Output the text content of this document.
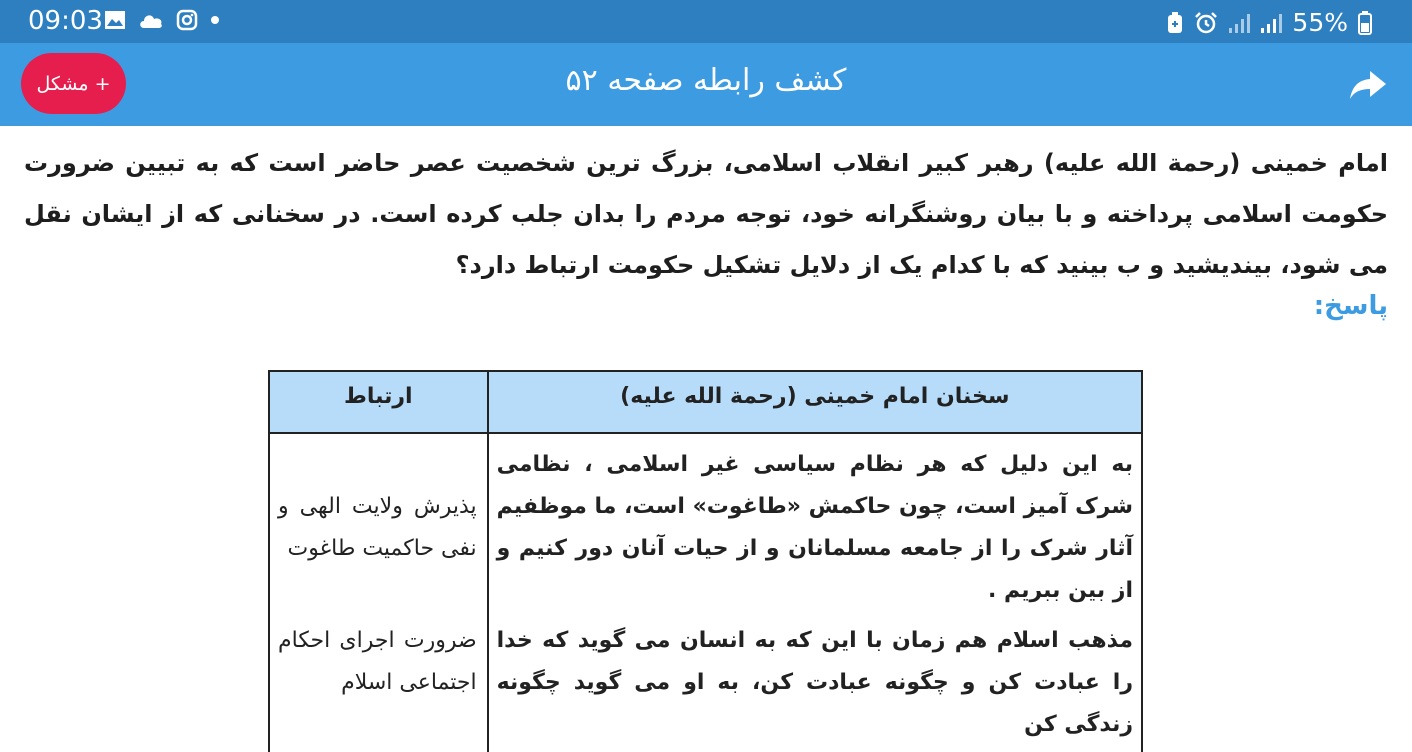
09:03	55%
+ مشکل	کشف رابطه صفحه ۵۲

امام خمینی (رحمة الله علیه) رهبر کبیر انقلاب اسلامی، بزرگ ترین شخصیت عصر حاضر است که به تبیین ضرورت حکومت اسلامی پرداخته و با بیان روشنگرانه خود، توجه مردم را بدان جلب کرده است. در سخنانی که از ایشان نقل می شود، بیندیشید و ب بینید که با کدام یک از دلایل تشکیل حکومت ارتباط دارد؟

پاسخ:
سخنان امام خمینی (رحمة الله علیه)	ارتباط
به این دلیل که هر نظام سیاسی غیر اسلامی ، نظامی شرک آمیز است، چون حاکمش «طاغوت» است، ما موظفیم آثار شرک را از جامعه مسلمانان و از حیات آنان دور کنیم و از بین ببریم .	پذیرش ولایت الهی و نفی حاکمیت طاغوت
مذهب اسلام هم زمان با این که به انسان می گوید که خدا را عبادت کن و چگونه عبادت کن، به او می گوید چگونه زندگی کن	ضرورت اجرای احکام اجتماعی اسلام
